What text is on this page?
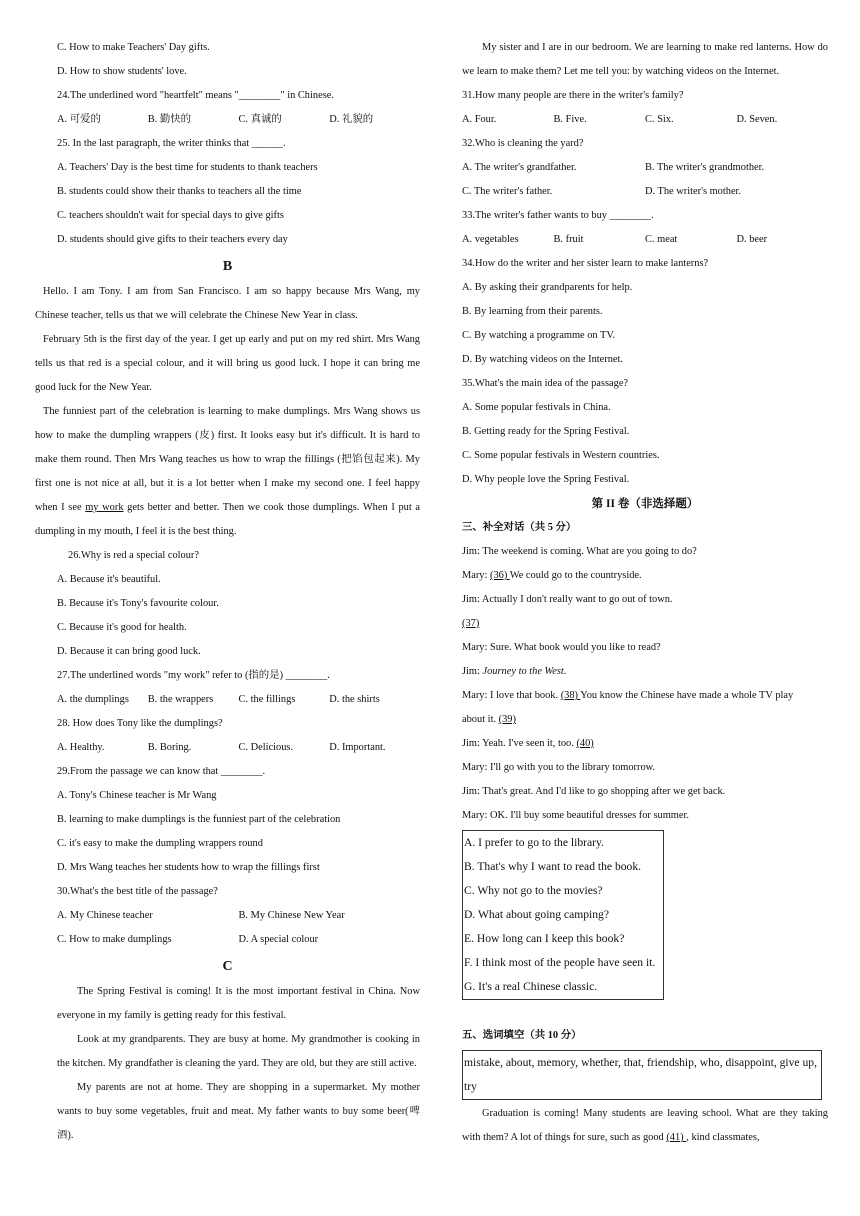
C. How to make Teachers' Day gifts.
D. How to show students' love.
24.The underlined word "heartfelt" means "________" in Chinese.
A. 可爱的	B. 勤快的	C. 真诚的	D. 礼貌的
25. In the last paragraph, the writer thinks that ______.
A. Teachers' Day is the best time for students to thank teachers
B. students could show their thanks to teachers all the time
C. teachers shouldn't wait for special days to give gifts
D. students should give gifts to their teachers every day
B
Hello. I am Tony. I am from San Francisco. I am so happy because Mrs Wang, my Chinese teacher, tells us that we will celebrate the Chinese New Year in class.
February 5th is the first day of the year. I get up early and put on my red shirt. Mrs Wang tells us that red is a special colour, and it will bring us good luck. I hope it can bring me good luck for the New Year.
The funniest part of the celebration is learning to make dumplings. Mrs Wang shows us how to make the dumpling wrappers (皮) first. It looks easy but it's difficult. It is hard to make them round. Then Mrs Wang teaches us how to wrap the fillings (把馅包起来). My first one is not nice at all, but it is a lot better when I make my second one. I feel happy when I see my work gets better and better. Then we cook those dumplings. When I put a dumpling in my mouth, I feel it is the best thing.
26.Why is red a special colour?
A. Because it's beautiful.
B. Because it's Tony's favourite colour.
C. Because it's good for health.
D. Because it can bring good luck.
27.The underlined words "my work" refer to (指的是) ________.
A. the dumplings	B. the wrappers	C. the fillings	D. the shirts
28. How does Tony like the dumplings?
A. Healthy.	B. Boring.	C. Delicious.	D. Important.
29.From the passage we can know that ________.
A. Tony's Chinese teacher is Mr Wang
B. learning to make dumplings is the funniest part of the celebration
C. it's easy to make the dumpling wrappers round
D. Mrs Wang teaches her students how to wrap the fillings first
30.What's the best title of the passage?
A. My Chinese teacher	B. My Chinese New Year
C. How to make dumplings	D. A special colour
C
The Spring Festival is coming! It is the most important festival in China. Now everyone in my family is getting ready for this festival.
Look at my grandparents. They are busy at home. My grandmother is cooking in the kitchen. My grandfather is cleaning the yard. They are old, but they are still active.
My parents are not at home. They are shopping in a supermarket. My mother wants to buy some vegetables, fruit and meat. My father wants to buy some beer(啤酒).
My sister and I are in our bedroom. We are learning to make red lanterns. How do we learn to make them? Let me tell you: by watching videos on the Internet.
31.How many people are there in the writer's family?
A. Four.	B. Five.	C. Six.	D. Seven.
32.Who is cleaning the yard?
A. The writer's grandfather.	B. The writer's grandmother.
C. The writer's father.	D. The writer's mother.
33.The writer's father wants to buy ________.
A. vegetables	B. fruit	C. meat	D. beer
34.How do the writer and her sister learn to make lanterns?
A. By asking their grandparents for help.
B. By learning from their parents.
C. By watching a programme on TV.
D. By watching videos on the Internet.
35.What's the main idea of the passage?
A. Some popular festivals in China.
B. Getting ready for the Spring Festival.
C. Some popular festivals in Western countries.
D. Why people love the Spring Festival.
第 II 卷（非选择题）
三、补全对话（共 5 分）
Jim: The weekend is coming. What are you going to do?
Mary: (36) We could go to the countryside.
Jim: Actually I don't really want to go out of town.
(37)
Mary: Sure. What book would you like to read?
Jim: Journey to the West.
Mary: I love that book. (38) You know the Chinese have made a whole TV play
about it. (39)
Jim: Yeah. I've seen it, too. (40)
Mary: I'll go with you to the library tomorrow.
Jim: That's great. And I'd like to go shopping after we get back.
Mary: OK. I'll buy some beautiful dresses for summer.
A. I prefer to go to the library.
B. That's why I want to read the book.
C. Why not go to the movies?
D. What about going camping?
E. How long can I keep this book?
F. I think most of the people have seen it.
G. It's a real Chinese classic.
五、选词填空（共 10 分）
mistake, about, memory, whether, that, friendship, who, disappoint, give up, try
Graduation is coming! Many students are leaving school. What are they taking with them? A lot of things for sure, such as good (41) , kind classmates,
